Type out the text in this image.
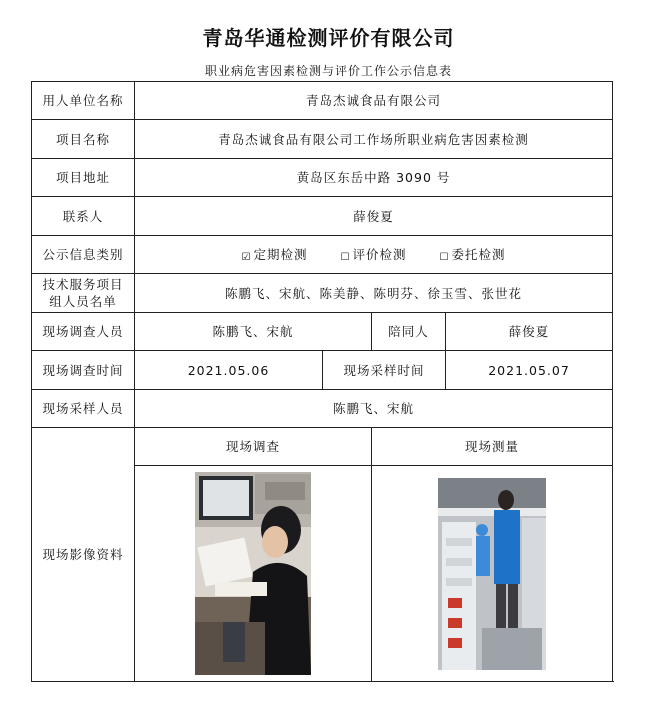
青岛华通检测评价有限公司
职业病危害因素检测与评价工作公示信息表
用人单位名称	青岛杰诚食品有限公司			
项目名称	青岛杰诚食品有限公司工作场所职业病危害因素检测			
项目地址	黄岛区东岳中路 3090 号			
联系人	薛俊夏			
公示信息类别	☑ 定期检测 ☐ 评价检测 ☐ 委托检测			
技术服务项目组人员名单	陈鹏飞、宋航、陈美静、陈明芬、徐玉雪、张世花			
现场调查人员	陈鹏飞、宋航		陪同人	薛俊夏
现场调查时间	2021.05.06	现场采样时间		2021.05.07
现场采样人员	陈鹏飞、宋航			
现场影像资料	现场调查		现场测量	
